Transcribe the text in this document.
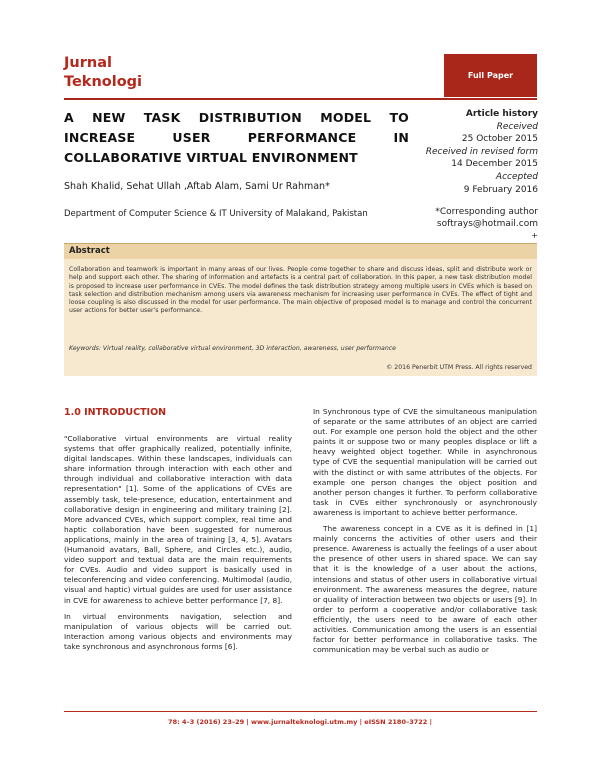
Jurnal
Teknologi	Full Paper
A NEW TASK DISTRIBUTION MODEL TO INCREASE USER PERFORMANCE IN COLLABORATIVE VIRTUAL ENVIRONMENT
Article history
Received
25 October 2015
Received in revised form
14 December 2015
Accepted
9 February 2016
Shah Khalid, Sehat Ullah ,Aftab Alam, Sami Ur Rahman*
Department of Computer Science & IT University of Malakand, Pakistan	*Corresponding author
softrays@hotmail.com
+
Abstract
Collaboration and teamwork is important in many areas of our lives. People come together to share and discuss ideas, split and distribute work or help and support each other. The sharing of information and artefacts is a central part of collaboration. In this paper, a new task distribution model is proposed to increase user performance in CVEs. The model defines the task distribution strategy among multiple users in CVEs which is based on task selection and distribution mechanism among users via awareness mechanism for increasing user performance in CVEs. The effect of tight and loose coupling is also discussed in the model for user performance. The main objective of proposed model is to manage and control the concurrent user actions for better user's performance.
Keywords: Virtual reality, collaborative virtual environment, 3D interaction, awareness, user performance
© 2016 Penerbit UTM Press. All rights reserved
1.0 INTRODUCTION

"Collaborative virtual environments are virtual reality systems that offer graphically realized, potentially infinite, digital landscapes. Within these landscapes, individuals can share information through interaction with each other and through individual and collaborative interaction with data representation" [1]. Some of the applications of CVEs are assembly task, tele-presence, education, entertainment and collaborative design in engineering and military training [2]. More advanced CVEs, which support complex, real time and haptic collaboration have been suggested for numerous applications, mainly in the area of training [3, 4, 5]. Avatars (Humanoid avatars, Ball, Sphere, and Circles etc.), audio, video support and textual data are the main requirements for CVEs. Audio and video support is basically used in teleconferencing and video conferencing. Multimodal (audio, visual and haptic) virtual guides are used for user assistance in CVE for awareness to achieve better performance [7, 8].

In virtual environments navigation, selection and manipulation of various objects will be carried out. Interaction among various objects and environments may take synchronous and asynchronous forms [6].

In Synchronous type of CVE the simultaneous manipulation of separate or the same attributes of an object are carried out. For example one person hold the object and the other paints it or suppose two or many peoples displace or lift a heavy weighted object together. While in asynchronous type of CVE the sequential manipulation will be carried out with the distinct or with same attributes of the objects. For example one person changes the object position and another person changes it further. To perform collaborative task in CVEs either synchronously or asynchronously awareness is important to achieve better performance.

The awareness concept in a CVE as it is defined in [1] mainly concerns the activities of other users and their presence. Awareness is actually the feelings of a user about the presence of other users in shared space. We can say that it is the knowledge of a user about the actions, intensions and status of other users in collaborative virtual environment. The awareness measures the degree, nature or quality of interaction between two objects or users [9]. In order to perform a cooperative and/or collaborative task efficiently, the users need to be aware of each other activities. Communication among the users is an essential factor for better performance in collaborative tasks. The communication may be verbal such as audio or

78: 4–3 (2016) 23–29 | www.jurnalteknologi.utm.my | eISSN 2180–3722 |
